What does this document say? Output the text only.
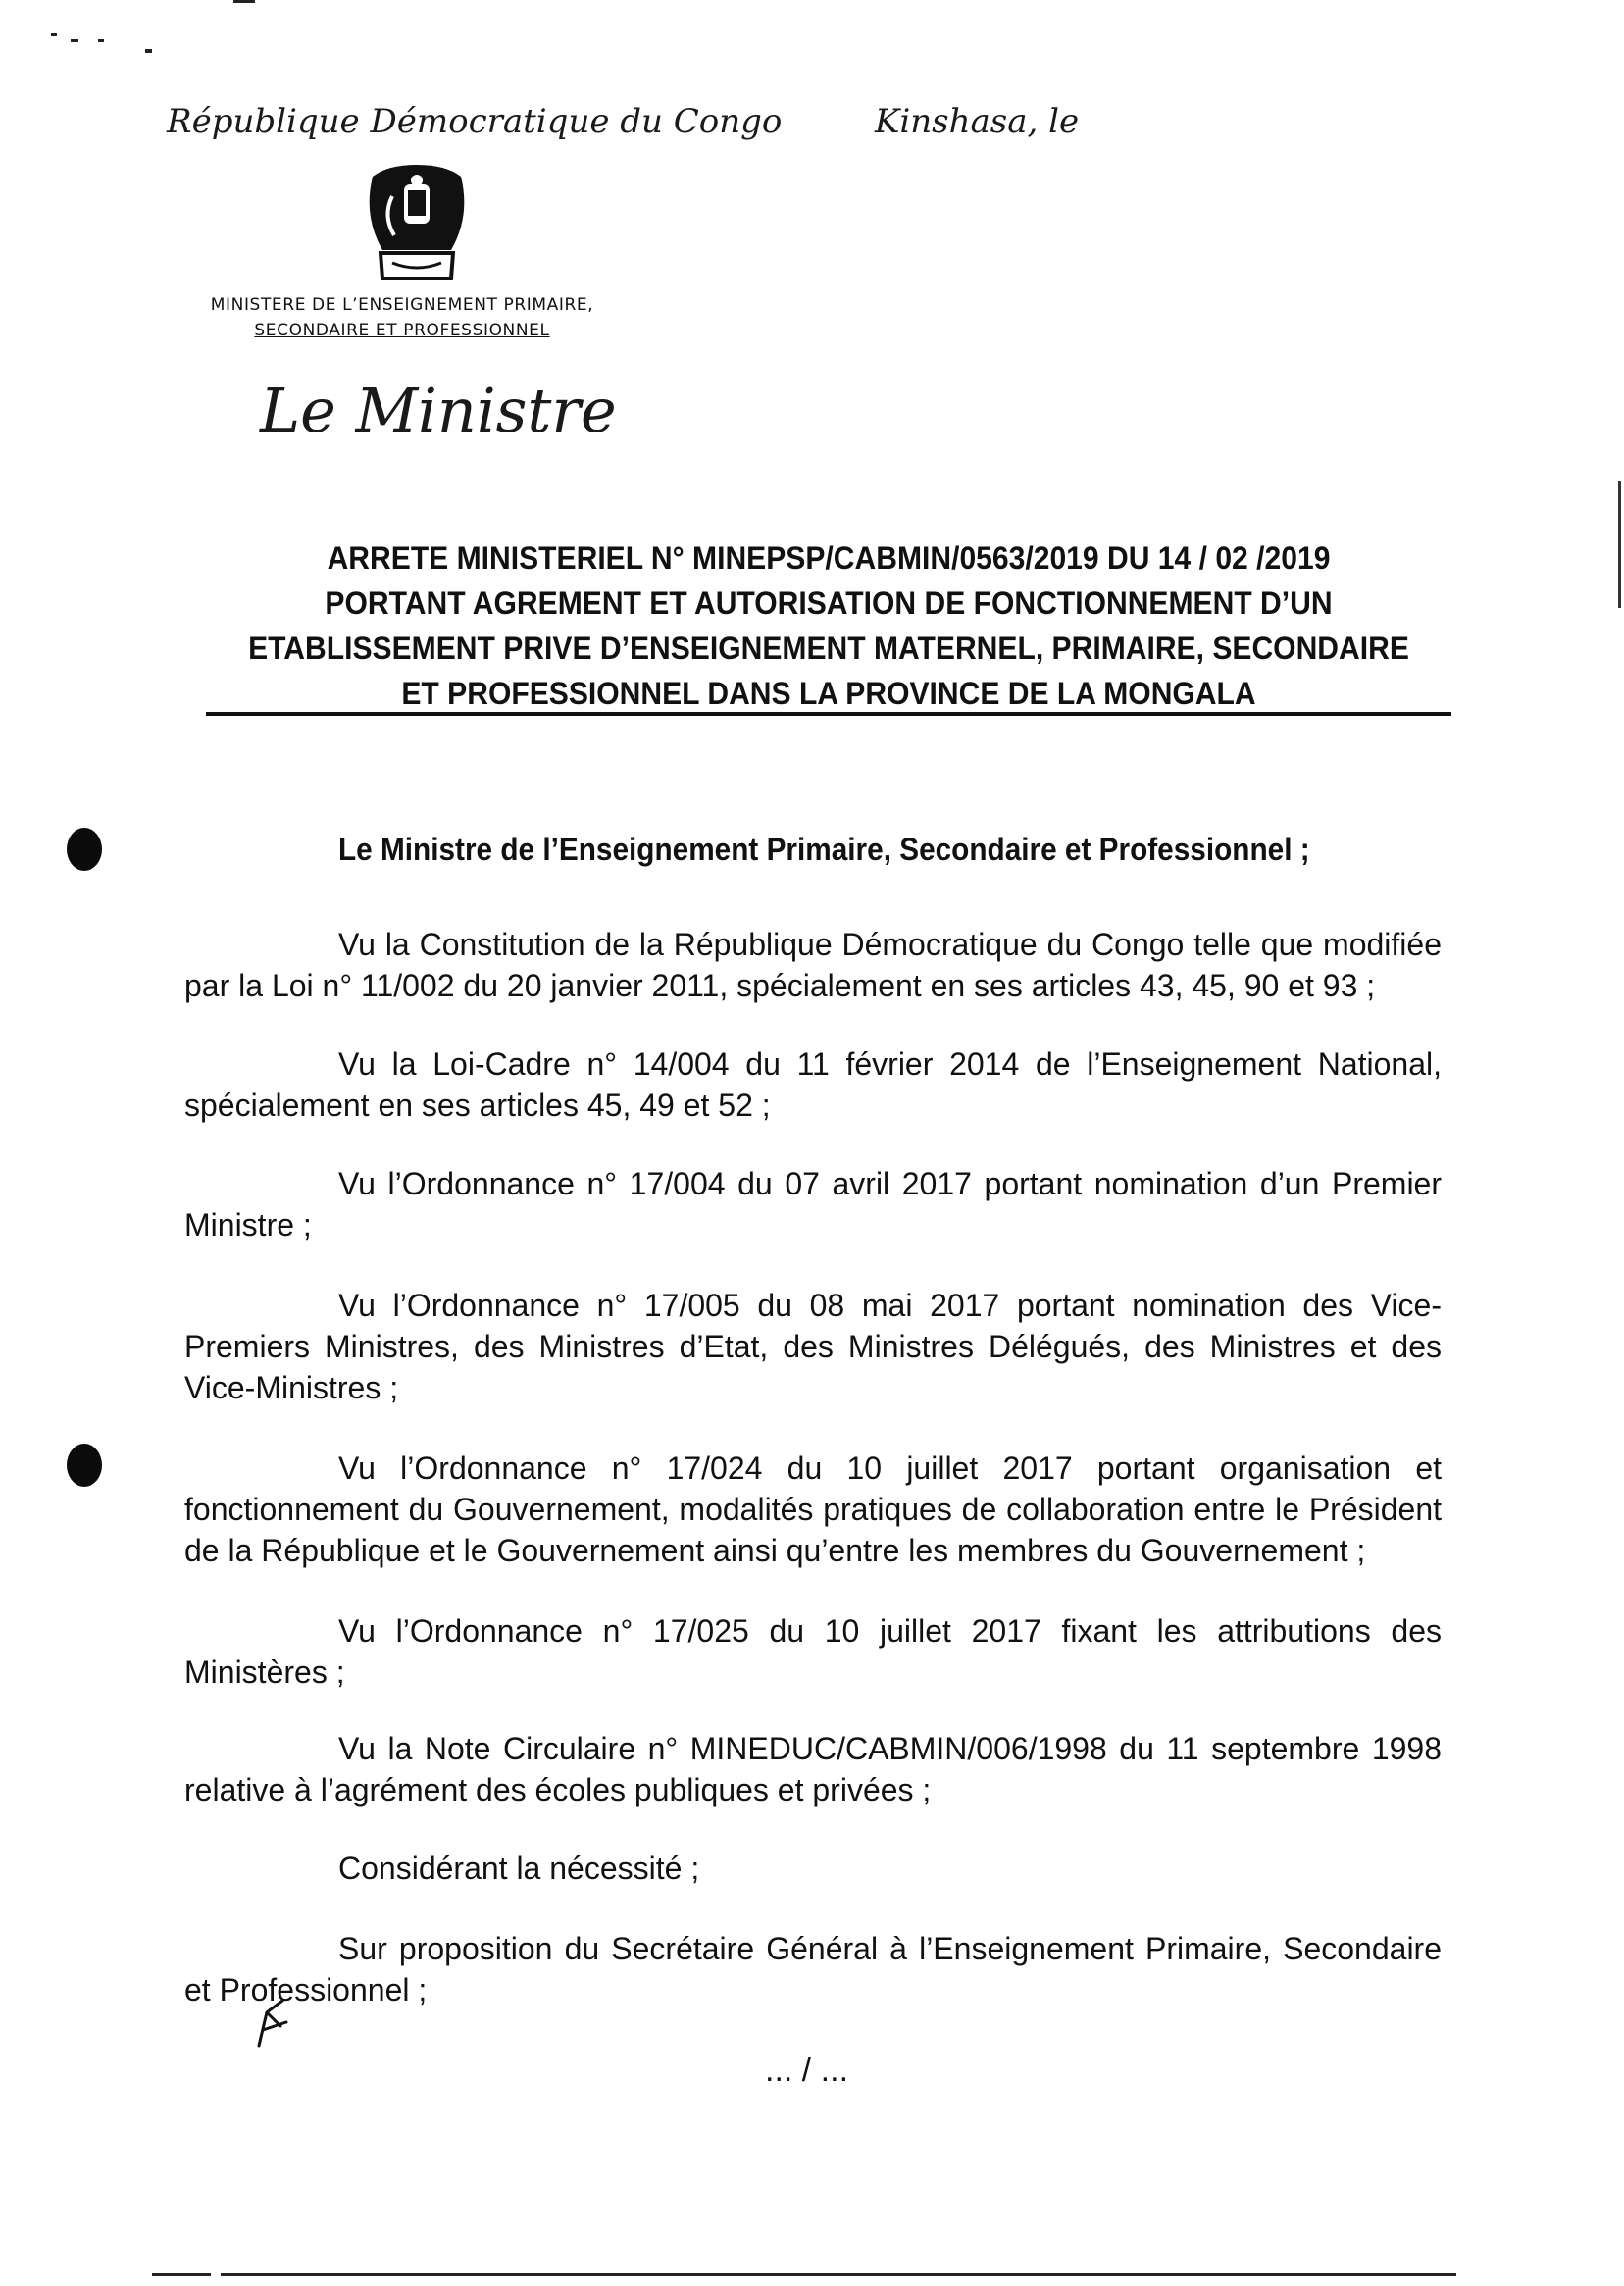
République Démocratique du Congo	Kinshasa, le
MINISTERE DE L’ENSEIGNEMENT PRIMAIRE,
SECONDAIRE ET PROFESSIONNEL
Le Ministre
ARRETE MINISTERIEL N° MINEPSP/CABMIN/0563/2019 DU 14 / 02 /2019
PORTANT AGREMENT ET AUTORISATION DE FONCTIONNEMENT D’UN
ETABLISSEMENT PRIVE D’ENSEIGNEMENT MATERNEL, PRIMAIRE, SECONDAIRE
ET PROFESSIONNEL DANS LA PROVINCE DE LA MONGALA
Le Ministre de l’Enseignement Primaire, Secondaire et Professionnel ;
Vu la Constitution de la République Démocratique du Congo telle que modifiée par la Loi n° 11/002 du 20 janvier 2011, spécialement en ses articles 43, 45, 90 et 93 ;
Vu la Loi-Cadre n° 14/004 du 11 février 2014 de l’Enseignement National, spécialement en ses articles 45, 49 et 52 ;
Vu l’Ordonnance n° 17/004 du 07 avril 2017 portant nomination d’un Premier Ministre ;
Vu l’Ordonnance n° 17/005 du 08 mai 2017 portant nomination des Vice-Premiers Ministres, des Ministres d’Etat, des Ministres Délégués, des Ministres et des Vice-Ministres ;
Vu l’Ordonnance n° 17/024 du 10 juillet 2017 portant organisation et fonctionnement du Gouvernement, modalités pratiques de collaboration entre le Président de la République et le Gouvernement ainsi qu’entre les membres du Gouvernement ;
Vu l’Ordonnance n° 17/025 du 10 juillet 2017 fixant les attributions des Ministères ;
Vu la Note Circulaire n° MINEDUC/CABMIN/006/1998 du 11 septembre 1998 relative à l’agrément des écoles publiques et privées ;
Considérant la nécessité ;
Sur proposition du Secrétaire Général à l’Enseignement Primaire, Secondaire et Professionnel ;
... / ...
